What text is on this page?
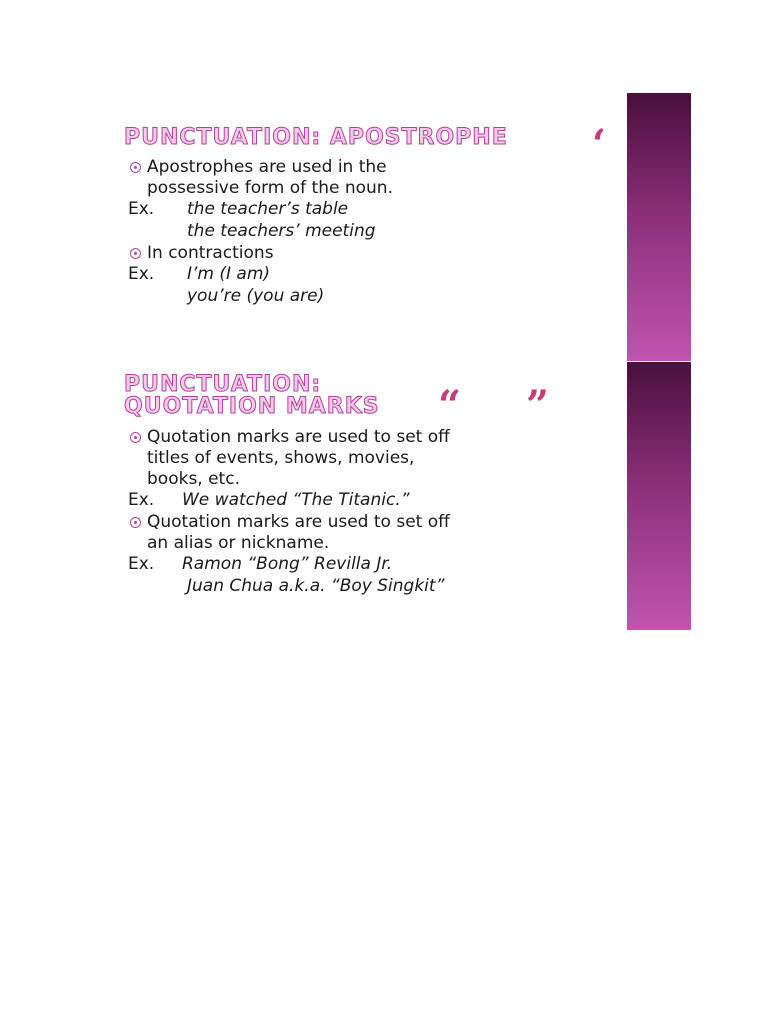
PUNCTUATION: APOSTROPHE ‘
Apostrophes are used in the
possessive form of the noun.
Ex. the teacher’s table
the teachers’ meeting
In contractions
Ex. I’m (I am)
you’re (you are)
PUNCTUATION:
QUOTATION MARKS “ ”
Quotation marks are used to set off
titles of events, shows, movies,
books, etc.
Ex. We watched “The Titanic.”
Quotation marks are used to set off
an alias or nickname.
Ex. Ramon “Bong” Revilla Jr.
Juan Chua a.k.a. “Boy Singkit”
